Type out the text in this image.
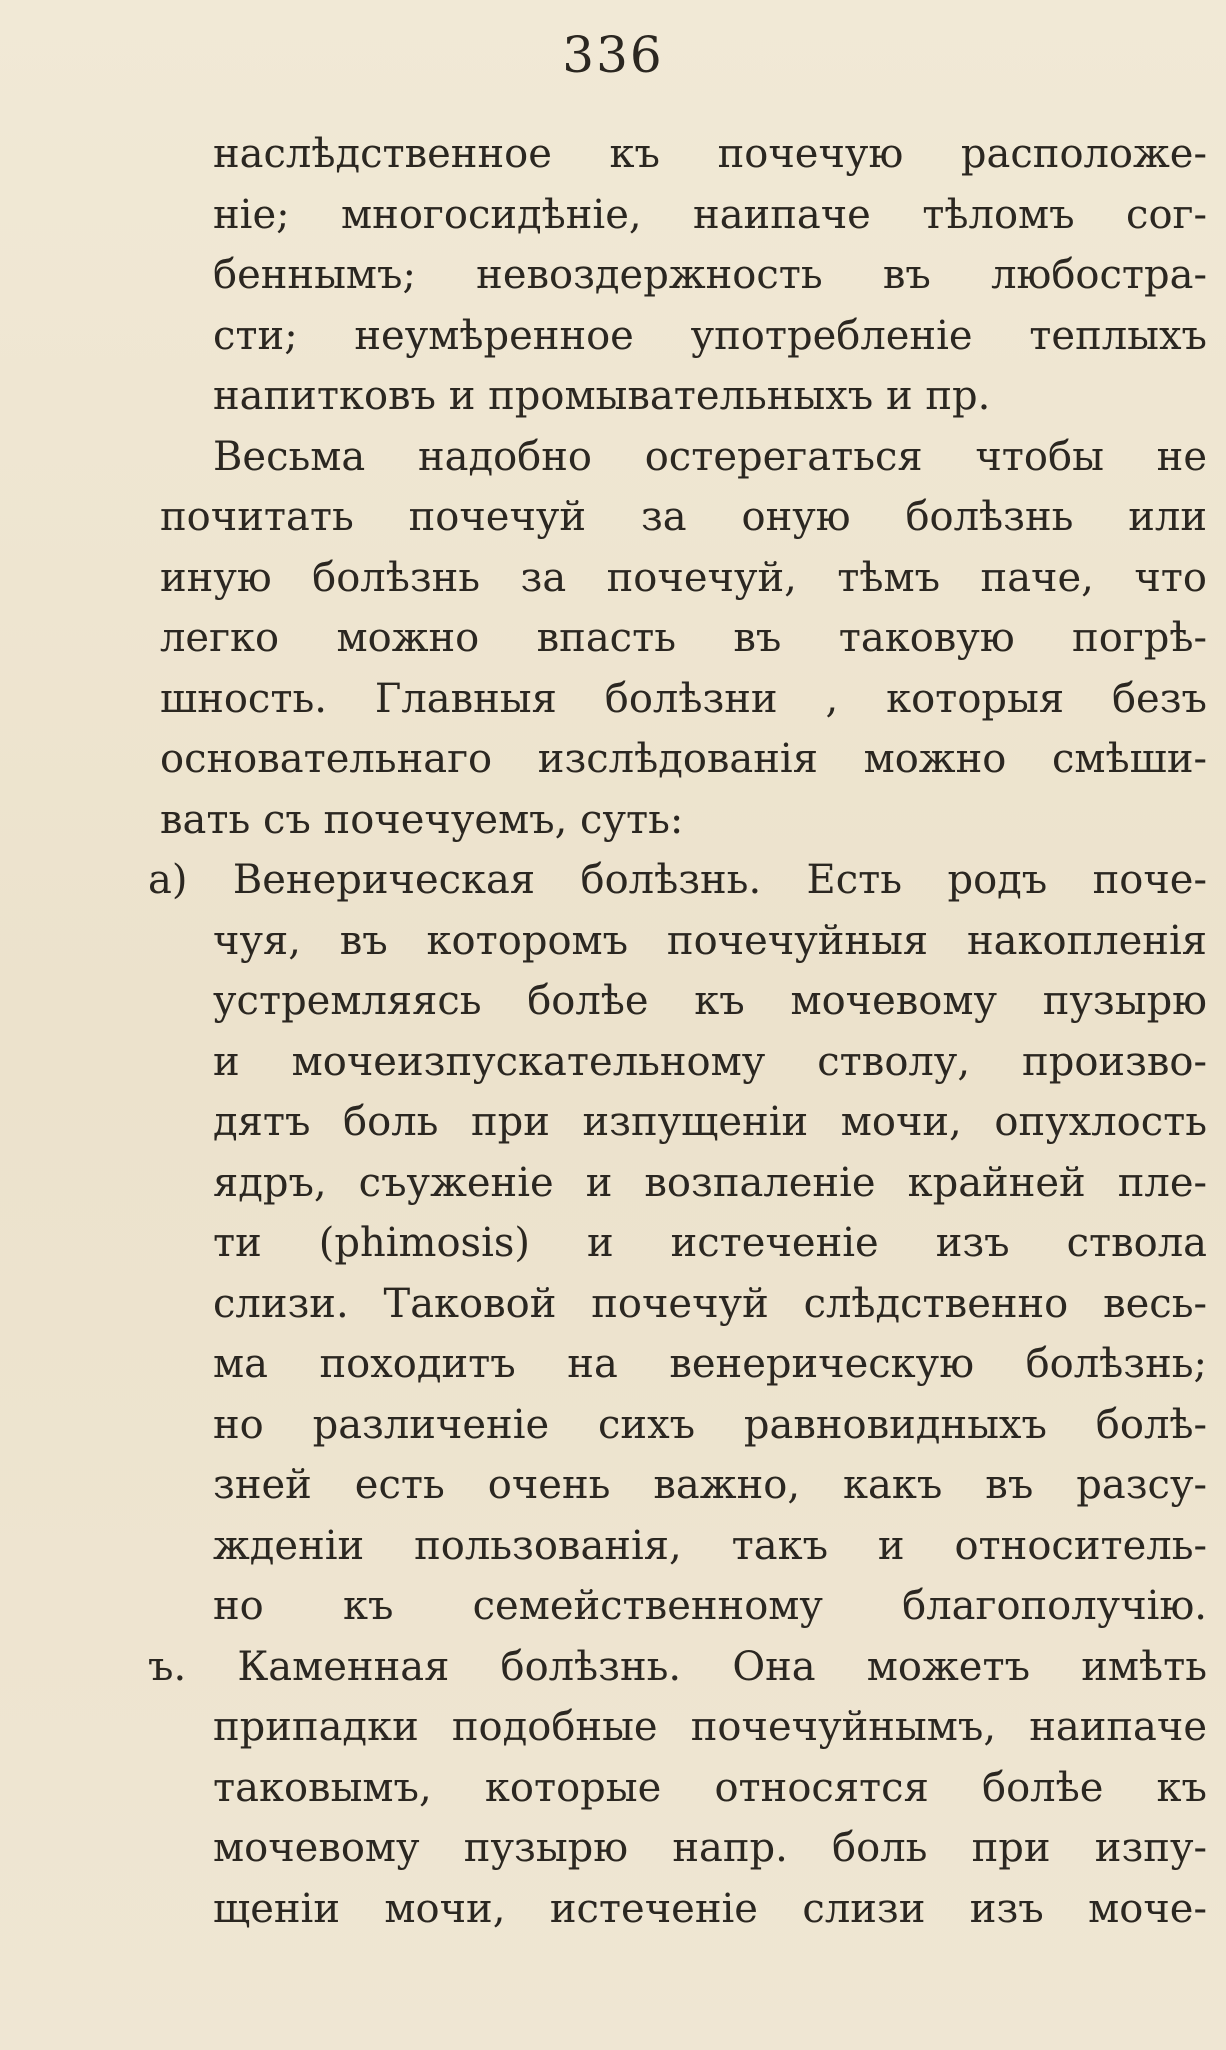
336
наслѣдственное къ почечую расположе-
ніе; многосидѣніе, наипаче тѣломъ сог-
беннымъ; невоздержность въ любостра-
сти; неумѣренное употребленіе теплыхъ
напитковъ и промывательныхъ и пр.
Весьма надобно остерегаться чтобы не
почитать почечуй за оную болѣзнь или
иную болѣзнь за почечуй, тѣмъ паче, что
легко можно впасть въ таковую погрѣ-
шность. Главныя болѣзни , которыя безъ
основательнаго изслѣдованія можно смѣши-
вать съ почечуемъ, суть:
а) Венерическая болѣзнь. Есть родъ поче-
чуя, въ которомъ почечуйныя накопленія
устремляясь болѣе къ мочевому пузырю
и мочеизпускательному стволу, произво-
дятъ боль при изпущеніи мочи, опухлость
ядръ, съуженіе и возпаленіе крайней пле-
ти (phimosis) и истеченіе изъ ствола
слизи. Таковой почечуй слѣдственно весь-
ма походитъ на венерическую болѣзнь;
но различеніе сихъ равновидныхъ болѣ-
зней есть очень важно, какъ въ разсу-
жденіи пользованія, такъ и относитель-
но къ семейственному благополучію.
ъ. Каменная болѣзнь. Она можетъ имѣть
припадки подобные почечуйнымъ, наипаче
таковымъ, которые относятся болѣе къ
мочевому пузырю напр. боль при изпу-
щеніи мочи, истеченіе слизи изъ моче-
